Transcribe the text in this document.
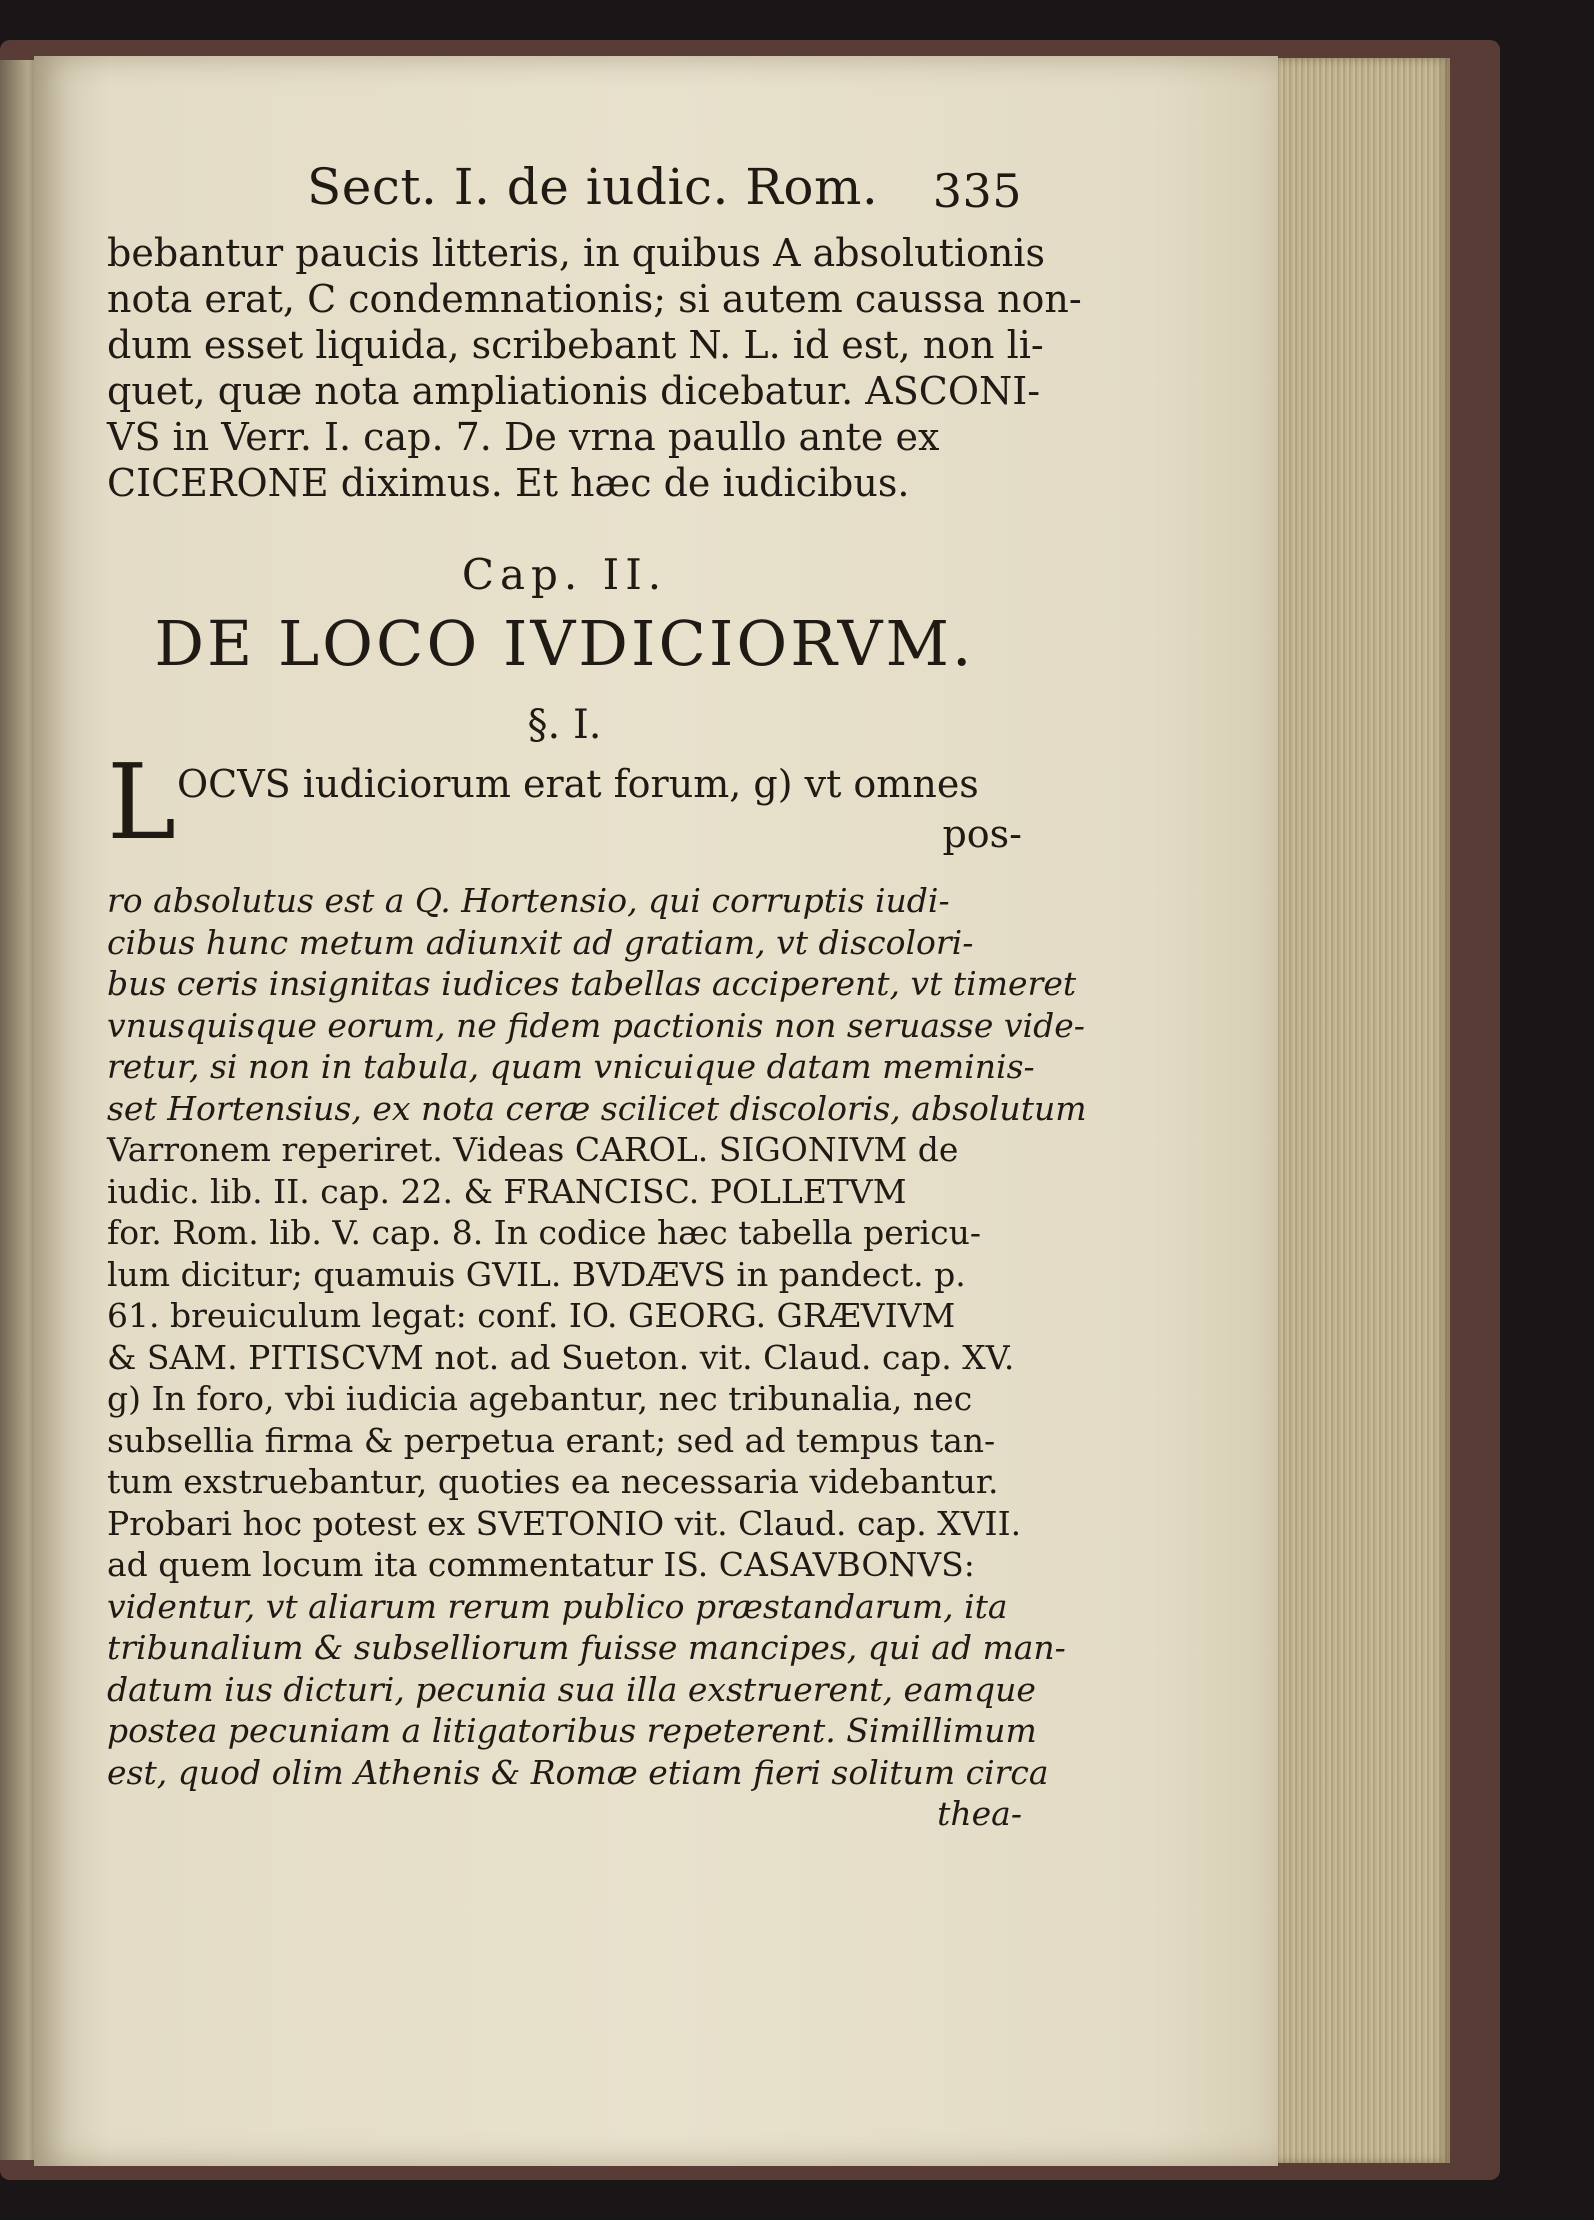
Sect. I. de iudic. Rom. 335
bebantur paucis litteris, in quibus A absolutionis
nota erat, C condemnationis; si autem caussa non-
dum esset liquida, scribebant N. L. id est, non li-
quet, quæ nota ampliationis dicebatur. ASCONI-
VS in Verr. I. cap. 7. De vrna paullo ante ex
CICERONE diximus. Et hæc de iudicibus.
Cap. II.
DE LOCO IVDICIORVM.
§. I.
L OCVS iudiciorum erat forum, g) vt omnes
pos-
ro absolutus est a Q. Hortensio, qui corruptis iudi-
cibus hunc metum adiunxit ad gratiam, vt discolori-
bus ceris insignitas iudices tabellas acciperent, vt timeret
vnusquisque eorum, ne fidem pactionis non seruasse vide-
retur, si non in tabula, quam vnicuique datam meminis-
set Hortensius, ex nota ceræ scilicet discoloris, absolutum
Varronem reperiret. Videas CAROL. SIGONIVM de
iudic. lib. II. cap. 22. & FRANCISC. POLLETVM
for. Rom. lib. V. cap. 8. In codice hæc tabella pericu-
lum dicitur; quamuis GVIL. BVDÆVS in pandect. p.
61. breuiculum legat: conf. IO. GEORG. GRÆVIVM
& SAM. PITISCVM not. ad Sueton. vit. Claud. cap. XV.
g) In foro, vbi iudicia agebantur, nec tribunalia, nec
subsellia firma & perpetua erant; sed ad tempus tan-
tum exstruebantur, quoties ea necessaria videbantur.
Probari hoc potest ex SVETONIO vit. Claud. cap. XVII.
ad quem locum ita commentatur IS. CASAVBONVS:
videntur, vt aliarum rerum publico præstandarum, ita
tribunalium & subselliorum fuisse mancipes, qui ad man-
datum ius dicturi, pecunia sua illa exstruerent, eamque
postea pecuniam a litigatoribus repeterent. Simillimum
est, quod olim Athenis & Romæ etiam fieri solitum circa
thea-
